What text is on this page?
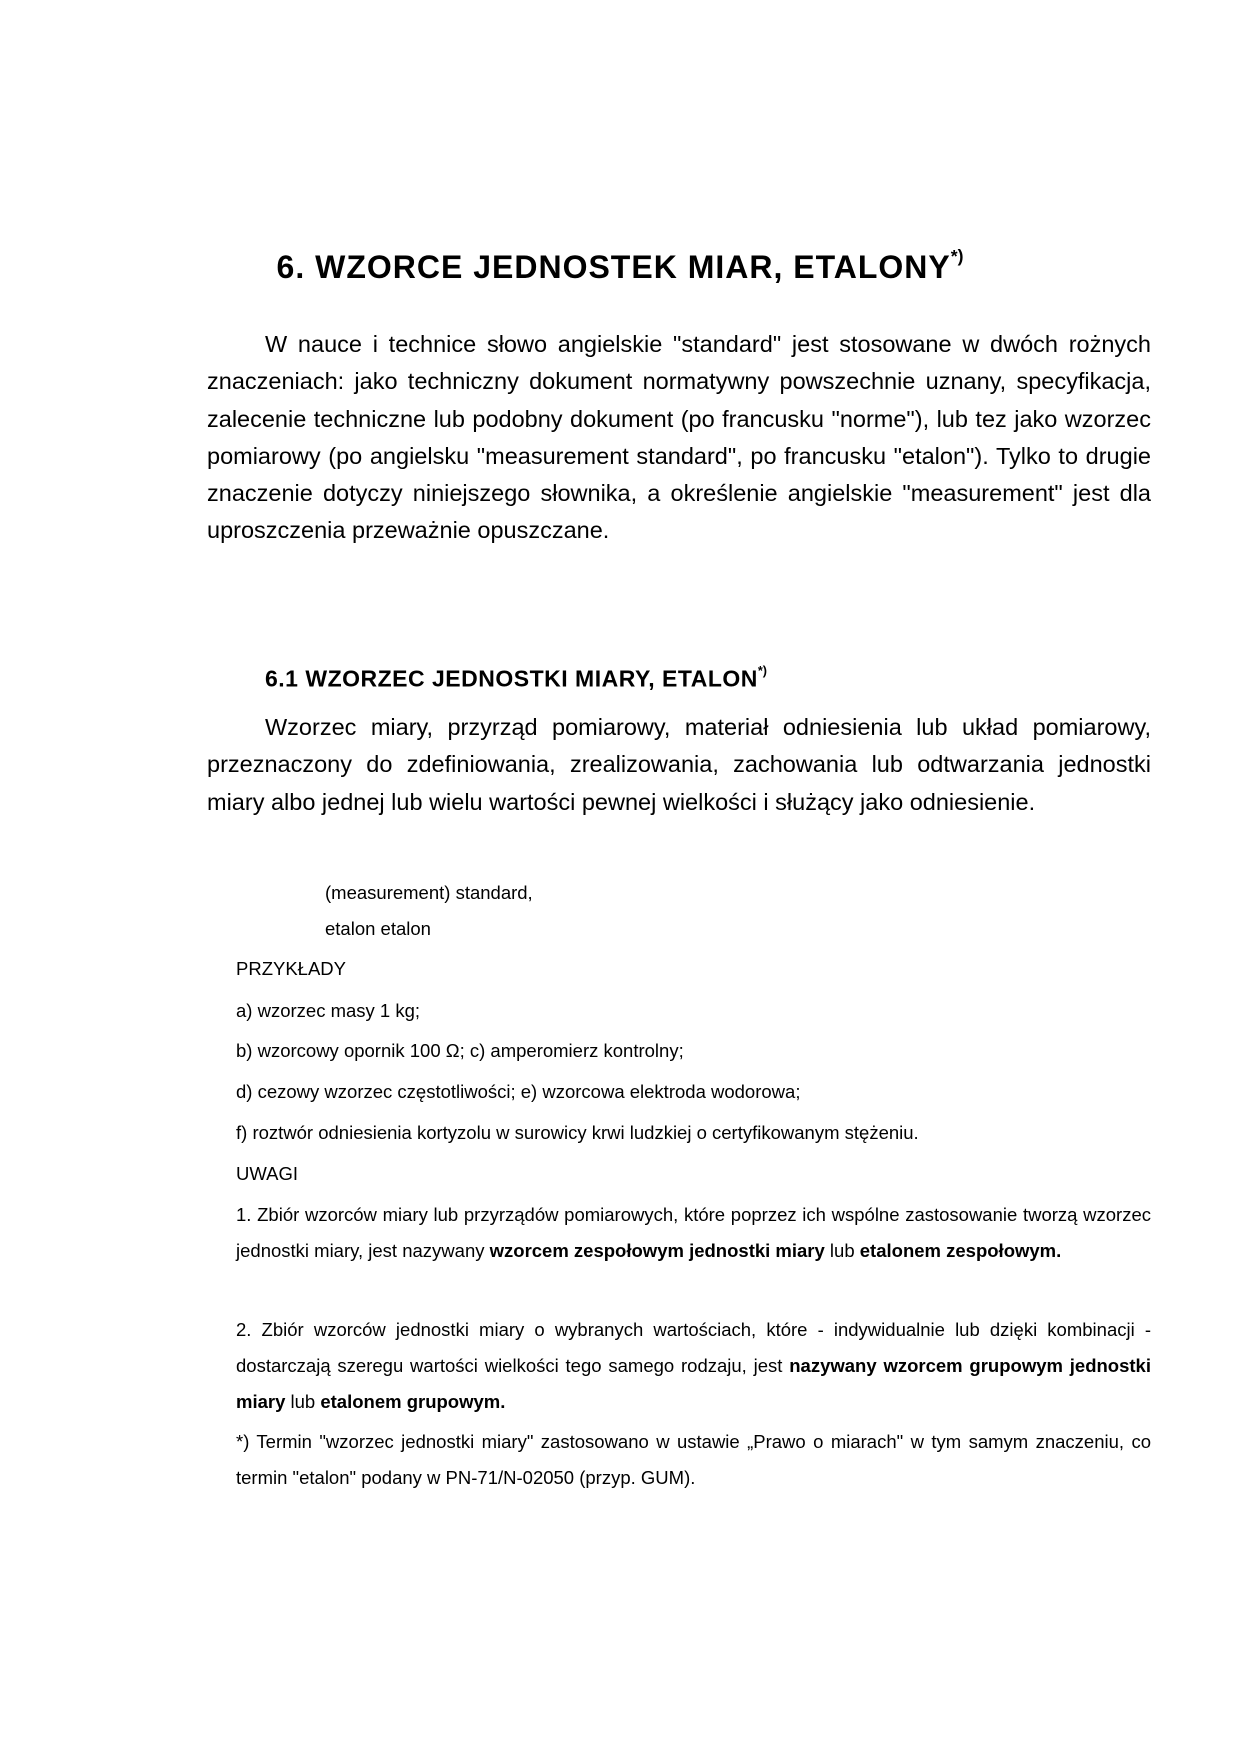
6. WZORCE JEDNOSTEK MIAR, ETALONY*)

W nauce i technice słowo angielskie "standard" jest stosowane w dwóch rożnych znaczeniach: jako techniczny dokument normatywny powszechnie uznany, specyfikacja, zalecenie techniczne lub podobny dokument (po francusku "norme"), lub tez jako wzorzec pomiarowy (po angielsku "measurement standard", po francusku "etalon"). Tylko to drugie znaczenie dotyczy niniejszego słownika, a określenie angielskie "measurement" jest dla uproszczenia przeważnie opuszczane.

6.1 WZORZEC JEDNOSTKI MIARY, ETALON*)

Wzorzec miary, przyrząd pomiarowy, materiał odniesienia lub układ pomiarowy, przeznaczony do zdefiniowania, zrealizowania, zachowania lub odtwarzania jednostki miary albo jednej lub wielu wartości pewnej wielkości i służący jako odniesienie.

(measurement) standard,
etalon etalon
PRZYKŁADY
a) wzorzec masy 1 kg;
b) wzorcowy opornik 100 Ω; c) amperomierz kontrolny;
d) cezowy wzorzec częstotliwości; e) wzorcowa elektroda wodorowa;
f) roztwór odniesienia kortyzolu w surowicy krwi ludzkiej o certyfikowanym stężeniu.
UWAGI

1. Zbiór wzorców miary lub przyrządów pomiarowych, które poprzez ich wspólne zastosowanie tworzą wzorzec jednostki miary, jest nazywany wzorcem zespołowym jednostki miary lub etalonem zespołowym.

2. Zbiór wzorców jednostki miary o wybranych wartościach, które - indywidualnie lub dzięki kombinacji - dostarczają szeregu wartości wielkości tego samego rodzaju, jest nazywany wzorcem grupowym jednostki miary lub etalonem grupowym.

*) Termin "wzorzec jednostki miary" zastosowano w ustawie „Prawo o miarach" w tym samym znaczeniu, co termin "etalon" podany w PN-71/N-02050 (przyp. GUM).
